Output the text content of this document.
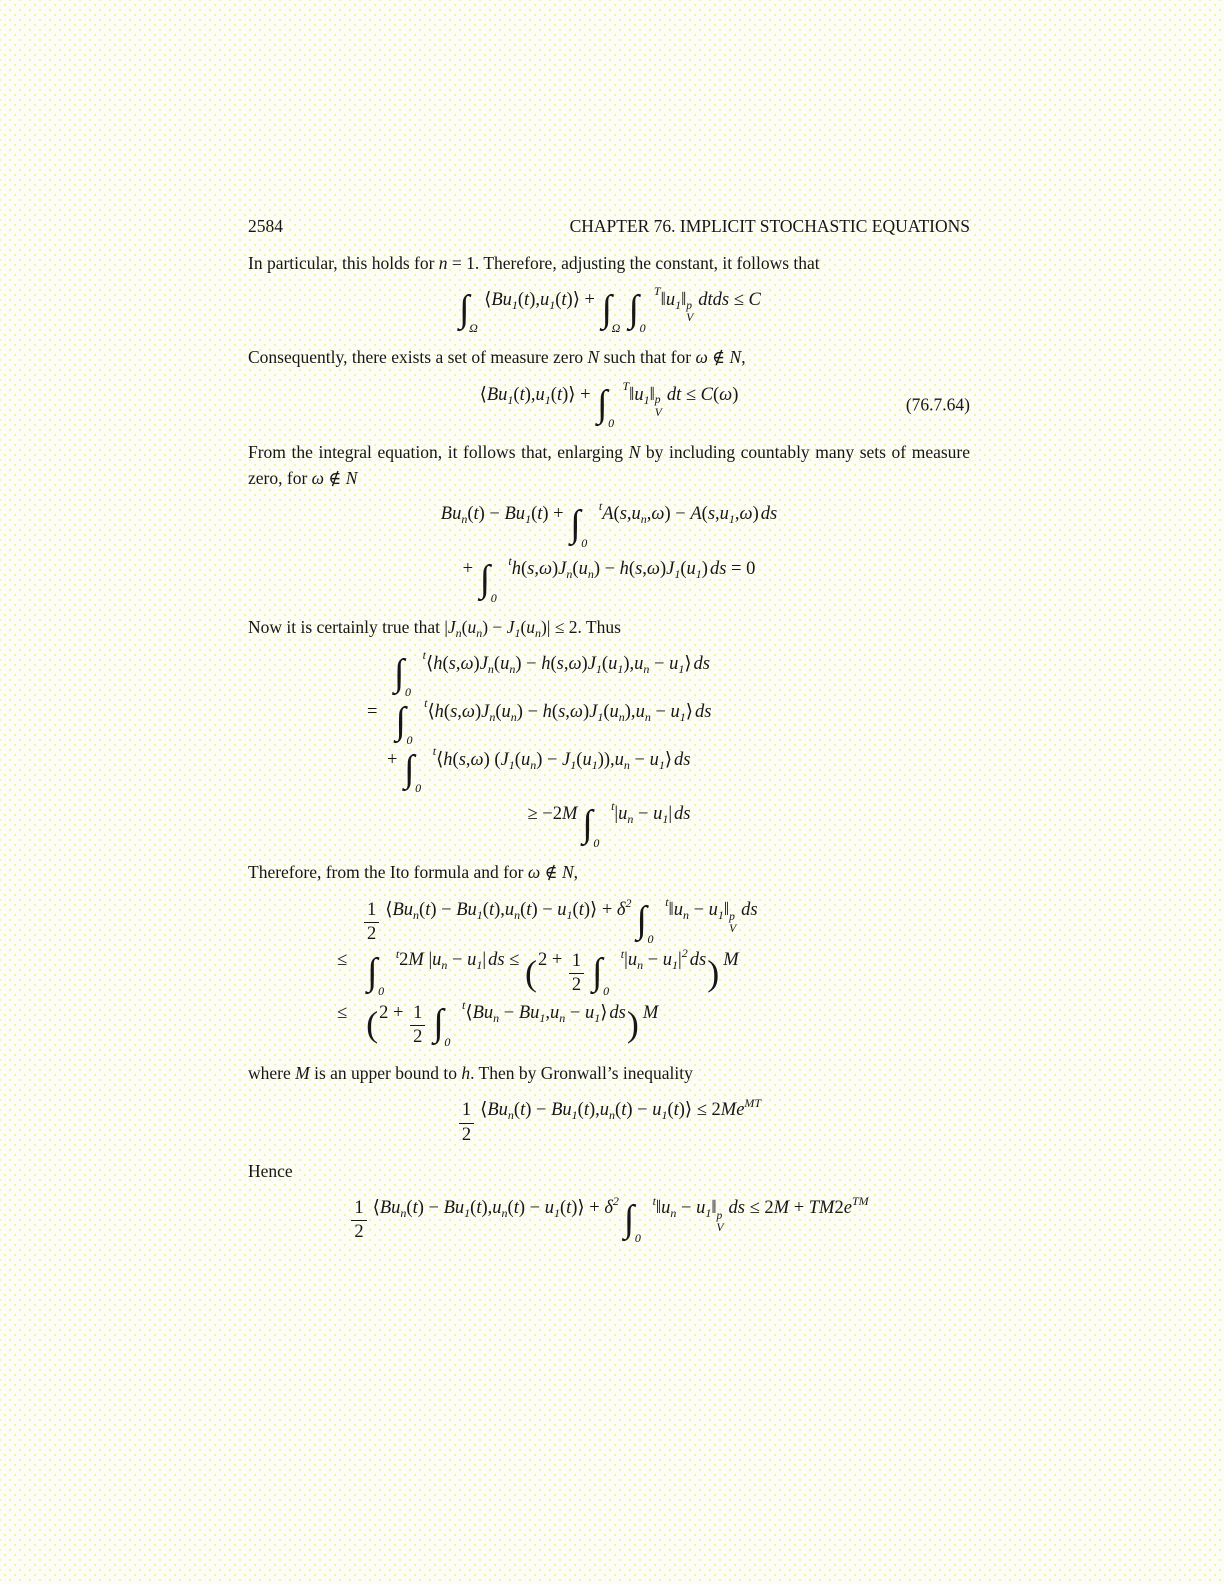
2584	CHAPTER 76. IMPLICIT STOCHASTIC EQUATIONS
In particular, this holds for n = 1. Therefore, adjusting the constant, it follows that
∫ Ω
⟨ Bu 1 ( t ), u 1 ( t )⟩ + ∫ Ω ∫ T
0
‖ u 1 ‖ p
V
dtds ≤ C
Consequently, there exists a set of measure zero N such that for ω ∉ N,
⟨ Bu 1 ( t ), u 1 ( t )⟩ + ∫ T
0
‖ u 1 ‖ p
V
dt ≤ C ( ω )	(76.7.64)
From the integral equation, it follows that, enlarging N by including countably many sets of measure zero, for ω ∉ N
Bu n ( t ) − Bu 1 ( t ) + ∫ t
0
A ( s , u n , ω ) − A ( s , u 1 , ω ) ds
+ ∫ t
0
h ( s , ω ) J n ( u n ) − h ( s , ω ) J 1 ( u 1 ) ds = 0
Now it is certainly true that $|J_n(u_n) - J_1(u_n)| \le 2$. Thus
∫ t
0
⟨ h ( s , ω ) J n ( u n ) − h ( s , ω ) J 1 ( u 1 ), u n − u 1 ⟩ ds
= ∫ t
0
⟨ h ( s , ω ) J n ( u n ) − h ( s , ω ) J 1 ( u n ), u n − u 1 ⟩ ds
+ ∫ t
0
⟨ h ( s , ω ) ( J 1 ( u n ) − J 1 ( u 1 )), u n − u 1 ⟩ ds
≥ −2 M ∫ t
0
| u n − u 1 | ds
Therefore, from the Ito formula and for ω ∉ N,
$\frac{1}{2}$ ⟨ Bu n ( t ) − Bu 1 ( t ), u n ( t ) − u 1 ( t )⟩ + δ 2 ∫ t
0
‖ u n − u 1 ‖ p
V
ds
≤ ∫ t
0
2 M | u n − u 1 | ds ≤ ( $2 + \frac{1}{2}$ ∫ t
0
| u n − u 1 | 2 ds ) M
≤ ( $2 + \frac{1}{2}$ ∫ t
0
⟨ Bu n − Bu 1 , u n − u 1 ⟩ ds ) M
where M is an upper bound to h. Then by Gronwall’s inequality
$\frac{1}{2}$ ⟨ Bu n ( t ) − Bu 1 ( t ), u n ( t ) − u 1 ( t )⟩ ≤ 2 Me MT
Hence
$\frac{1}{2}$ ⟨ Bu n ( t ) − Bu 1 ( t ), u n ( t ) − u 1 ( t )⟩ + δ 2 ∫ t
0
‖ u n − u 1 ‖ p
V
ds ≤ 2 M + TM 2 e TM
